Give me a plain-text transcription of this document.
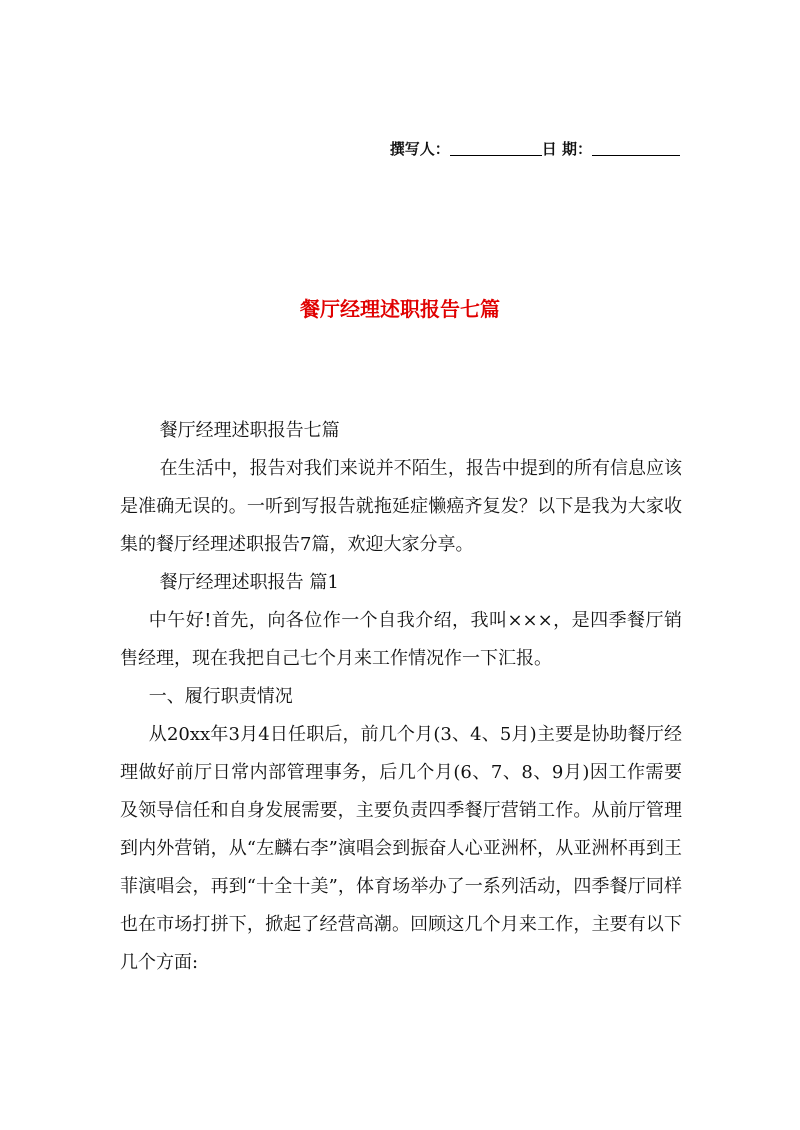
撰写人：	日 期：
餐厅经理述职报告七篇

餐厅经理述职报告七篇

在生活中，报告对我们来说并不陌生，报告中提到的所有信息应该是准确无误的。一听到写报告就拖延症懒癌齐复发？以下是我为大家收集的餐厅经理述职报告7篇，欢迎大家分享。

餐厅经理述职报告 篇1

中午好!首先，向各位作一个自我介绍，我叫×××，是四季餐厅销售经理，现在我把自己七个月来工作情况作一下汇报。

一、履行职责情况

从20xx年3月4日任职后，前几个月(3、4、5月)主要是协助餐厅经理做好前厅日常内部管理事务，后几个月(6、7、8、9月)因工作需要及领导信任和自身发展需要，主要负责四季餐厅营销工作。从前厅管理到内外营销，从“左麟右李”演唱会到振奋人心亚洲杯，从亚洲杯再到王菲演唱会，再到“十全十美”，体育场举办了一系列活动，四季餐厅同样也在市场打拼下，掀起了经营高潮。回顾这几个月来工作，主要有以下几个方面:
